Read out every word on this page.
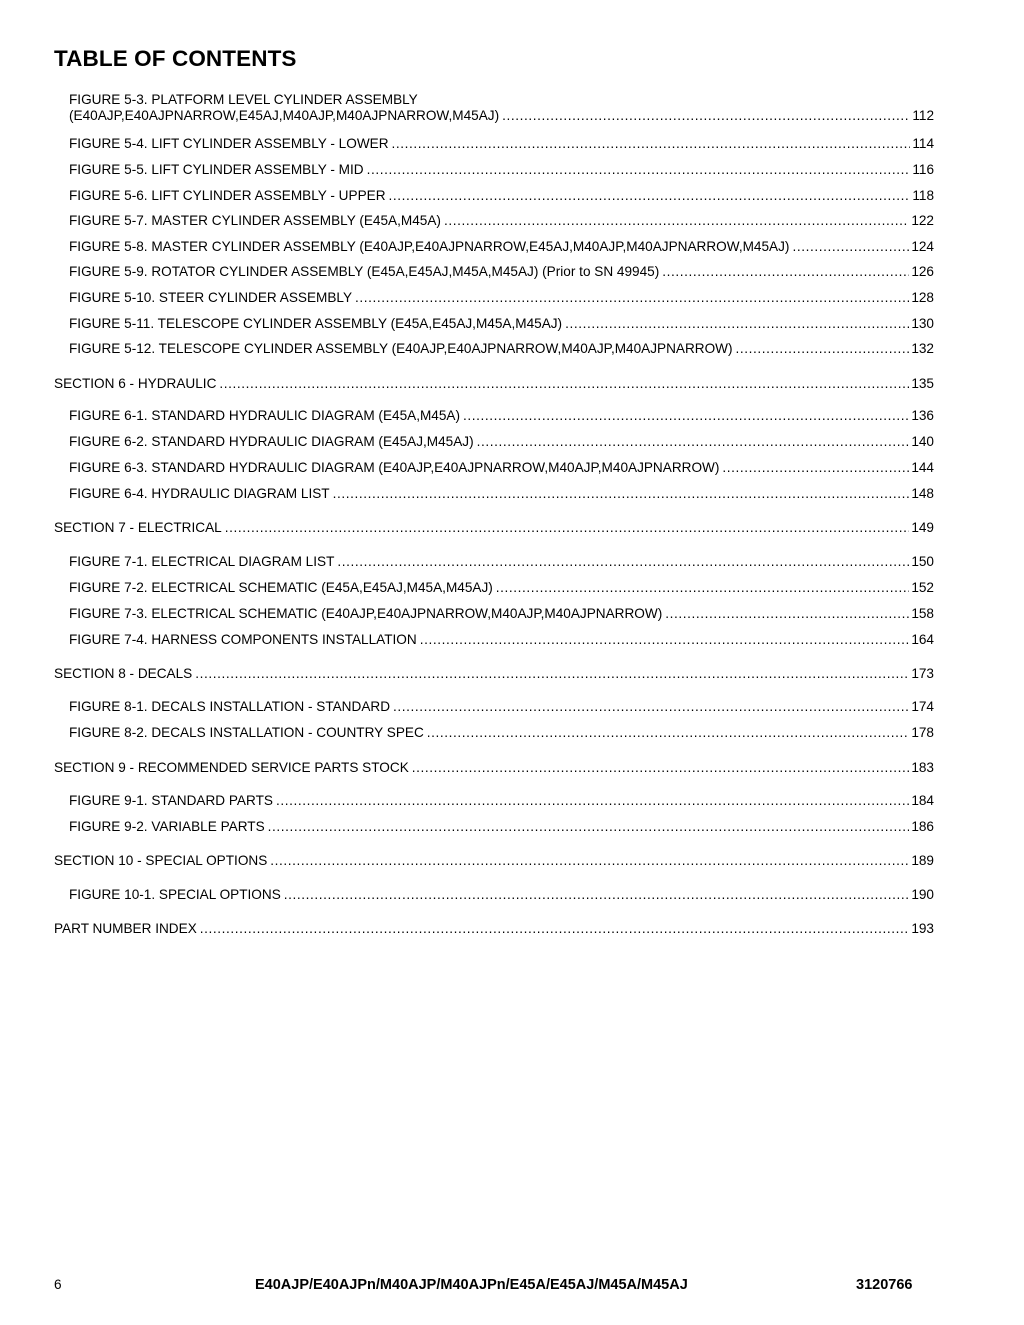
TABLE OF CONTENTS
FIGURE 5-3. PLATFORM LEVEL CYLINDER ASSEMBLY
(E40AJP,E40AJPNARROW,E45AJ,M40AJP,M40AJPNARROW,M45AJ) .....	112
FIGURE 5-4. LIFT CYLINDER ASSEMBLY - LOWER .....	114
FIGURE 5-5. LIFT CYLINDER ASSEMBLY - MID .....	116
FIGURE 5-6. LIFT CYLINDER ASSEMBLY - UPPER .....	118
FIGURE 5-7. MASTER CYLINDER ASSEMBLY (E45A,M45A) .....	122
FIGURE 5-8. MASTER CYLINDER ASSEMBLY (E40AJP,E40AJPNARROW,E45AJ,M40AJP,M40AJPNARROW,M45AJ) .....	124
FIGURE 5-9. ROTATOR CYLINDER ASSEMBLY (E45A,E45AJ,M45A,M45AJ) (Prior to SN 49945) .....	126
FIGURE 5-10. STEER CYLINDER ASSEMBLY .....	128
FIGURE 5-11. TELESCOPE CYLINDER ASSEMBLY (E45A,E45AJ,M45A,M45AJ) .....	130
FIGURE 5-12. TELESCOPE CYLINDER ASSEMBLY (E40AJP,E40AJPNARROW,M40AJP,M40AJPNARROW) .....	132
SECTION 6 - HYDRAULIC .....	135
FIGURE 6-1. STANDARD HYDRAULIC DIAGRAM (E45A,M45A) .....	136
FIGURE 6-2. STANDARD HYDRAULIC DIAGRAM (E45AJ,M45AJ) .....	140
FIGURE 6-3. STANDARD HYDRAULIC DIAGRAM (E40AJP,E40AJPNARROW,M40AJP,M40AJPNARROW) .....	144
FIGURE 6-4. HYDRAULIC DIAGRAM LIST .....	148
SECTION 7 - ELECTRICAL .....	149
FIGURE 7-1. ELECTRICAL DIAGRAM LIST .....	150
FIGURE 7-2. ELECTRICAL SCHEMATIC (E45A,E45AJ,M45A,M45AJ) .....	152
FIGURE 7-3. ELECTRICAL SCHEMATIC (E40AJP,E40AJPNARROW,M40AJP,M40AJPNARROW) .....	158
FIGURE 7-4. HARNESS COMPONENTS INSTALLATION .....	164
SECTION 8 - DECALS .....	173
FIGURE 8-1. DECALS INSTALLATION - STANDARD .....	174
FIGURE 8-2. DECALS INSTALLATION - COUNTRY SPEC .....	178
SECTION 9 - RECOMMENDED SERVICE PARTS STOCK .....	183
FIGURE 9-1. STANDARD PARTS .....	184
FIGURE 9-2. VARIABLE PARTS .....	186
SECTION 10 - SPECIAL OPTIONS .....	189
FIGURE 10-1. SPECIAL OPTIONS .....	190
PART NUMBER INDEX .....	193
6	E40AJP/E40AJPn/M40AJP/M40AJPn/E45A/E45AJ/M45A/M45AJ	3120766
